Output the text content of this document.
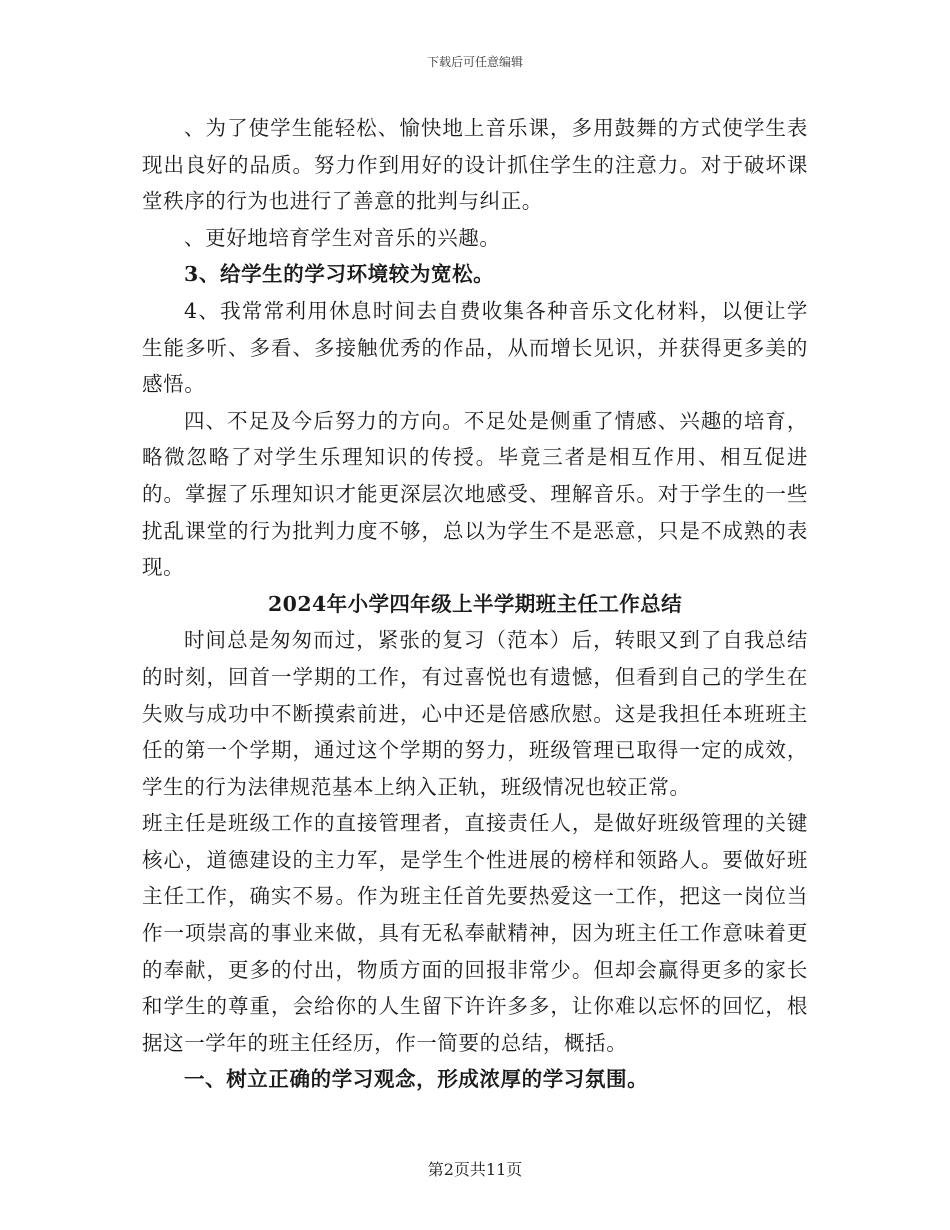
下载后可任意编辑

、为了使学生能轻松、愉快地上音乐课，多用鼓舞的方式使学生表现出良好的品质。努力作到用好的设计抓住学生的注意力。对于破坏课堂秩序的行为也进行了善意的批判与纠正。

、更好地培育学生对音乐的兴趣。

3、给学生的学习环境较为宽松。

4、我常常利用休息时间去自费收集各种音乐文化材料，以便让学生能多听、多看、多接触优秀的作品，从而增长见识，并获得更多美的感悟。

四、不足及今后努力的方向。不足处是侧重了情感、兴趣的培育，略微忽略了对学生乐理知识的传授。毕竟三者是相互作用、相互促进的。掌握了乐理知识才能更深层次地感受、理解音乐。对于学生的一些扰乱课堂的行为批判力度不够，总以为学生不是恶意，只是不成熟的表现。

2024年小学四年级上半学期班主任工作总结

时间总是匆匆而过，紧张的复习（范本）后，转眼又到了自我总结的时刻，回首一学期的工作，有过喜悦也有遗憾，但看到自己的学生在失败与成功中不断摸索前进，心中还是倍感欣慰。这是我担任本班班主任的第一个学期，通过这个学期的努力，班级管理已取得一定的成效，学生的行为法律规范基本上纳入正轨，班级情况也较正常。

班主任是班级工作的直接管理者，直接责任人，是做好班级管理的关键核心，道德建设的主力军，是学生个性进展的榜样和领路人。要做好班主任工作，确实不易。作为班主任首先要热爱这一工作，把这一岗位当作一项崇高的事业来做，具有无私奉献精神，因为班主任工作意味着更的奉献，更多的付出，物质方面的回报非常少。但却会赢得更多的家长和学生的尊重，会给你的人生留下许许多多，让你难以忘怀的回忆，根据这一学年的班主任经历，作一简要的总结，概括。

一、树立正确的学习观念，形成浓厚的学习氛围。

第2页共11页
